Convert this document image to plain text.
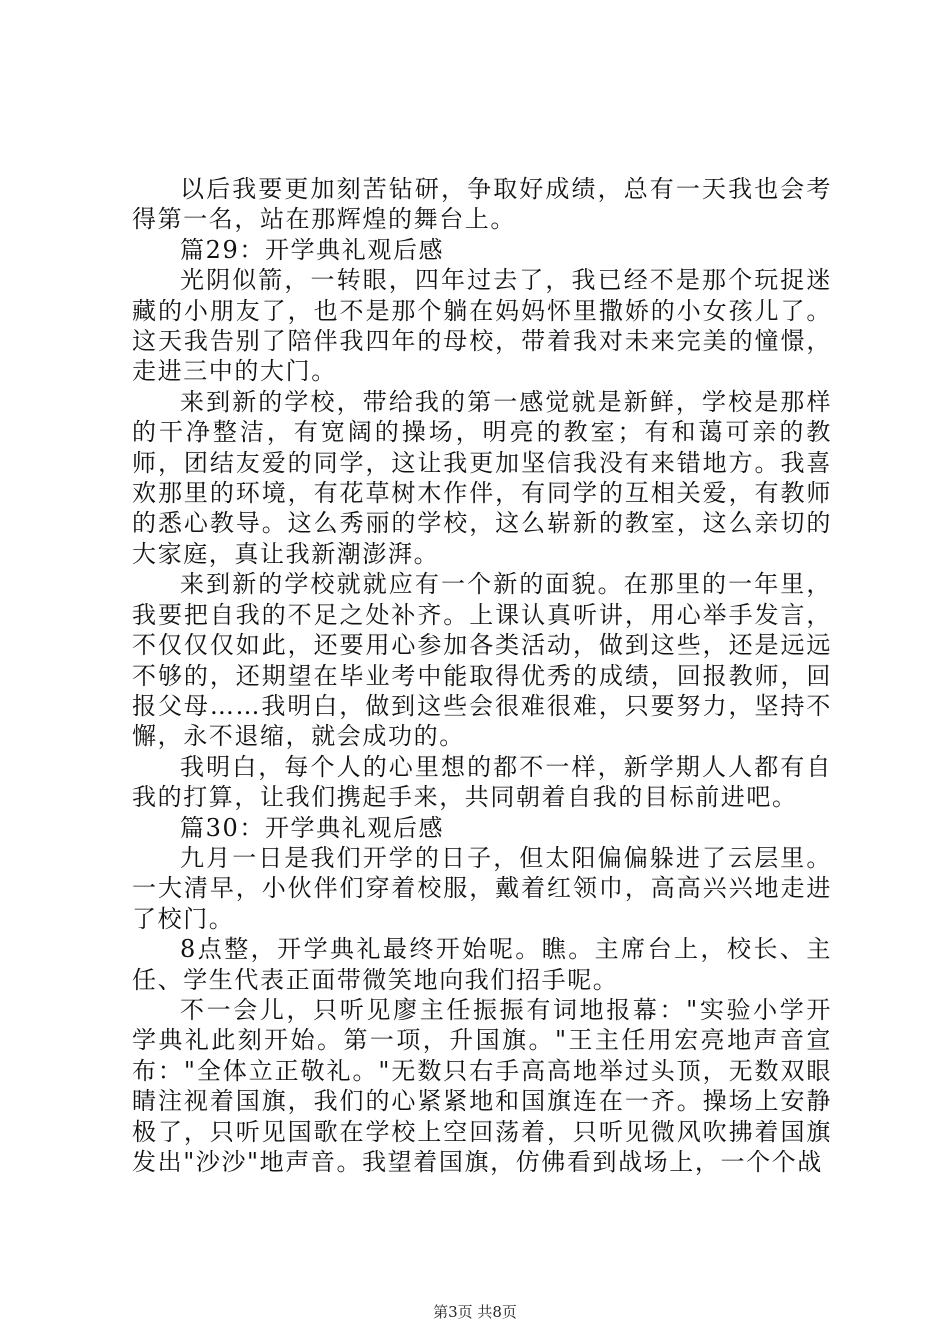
以后我要更加刻苦钻研，争取好成绩，总有一天我也会考得第一名，站在那辉煌的舞台上。

篇29：开学典礼观后感

光阴似箭，一转眼，四年过去了，我已经不是那个玩捉迷藏的小朋友了，也不是那个躺在妈妈怀里撒娇的小女孩儿了。这天我告别了陪伴我四年的母校，带着我对未来完美的憧憬，走进三中的大门。

来到新的学校，带给我的第一感觉就是新鲜，学校是那样的干净整洁，有宽阔的操场，明亮的教室；有和蔼可亲的教师，团结友爱的同学，这让我更加坚信我没有来错地方。我喜欢那里的环境，有花草树木作伴，有同学的互相关爱，有教师的悉心教导。这么秀丽的学校，这么崭新的教室，这么亲切的大家庭，真让我新潮澎湃。

来到新的学校就就应有一个新的面貌。在那里的一年里，我要把自我的不足之处补齐。上课认真听讲，用心举手发言，不仅仅仅如此，还要用心参加各类活动，做到这些，还是远远不够的，还期望在毕业考中能取得优秀的成绩，回报教师，回报父母……我明白，做到这些会很难很难，只要努力，坚持不懈，永不退缩，就会成功的。

我明白，每个人的心里想的都不一样，新学期人人都有自我的打算，让我们携起手来，共同朝着自我的目标前进吧。

篇30：开学典礼观后感

九月一日是我们开学的日子，但太阳偏偏躲进了云层里。一大清早，小伙伴们穿着校服，戴着红领巾，高高兴兴地走进了校门。

8点整，开学典礼最终开始呢。瞧。主席台上，校长、主任、学生代表正面带微笑地向我们招手呢。

不一会儿，只听见廖主任振振有词地报幕："实验小学开学典礼此刻开始。第一项，升国旗。"王主任用宏亮地声音宣布："全体立正敬礼。"无数只右手高高地举过头顶，无数双眼睛注视着国旗，我们的心紧紧地和国旗连在一齐。操场上安静极了，只听见国歌在学校上空回荡着，只听见微风吹拂着国旗发出"沙沙"地声音。我望着国旗，仿佛看到战场上，一个个战

第3页 共8页
